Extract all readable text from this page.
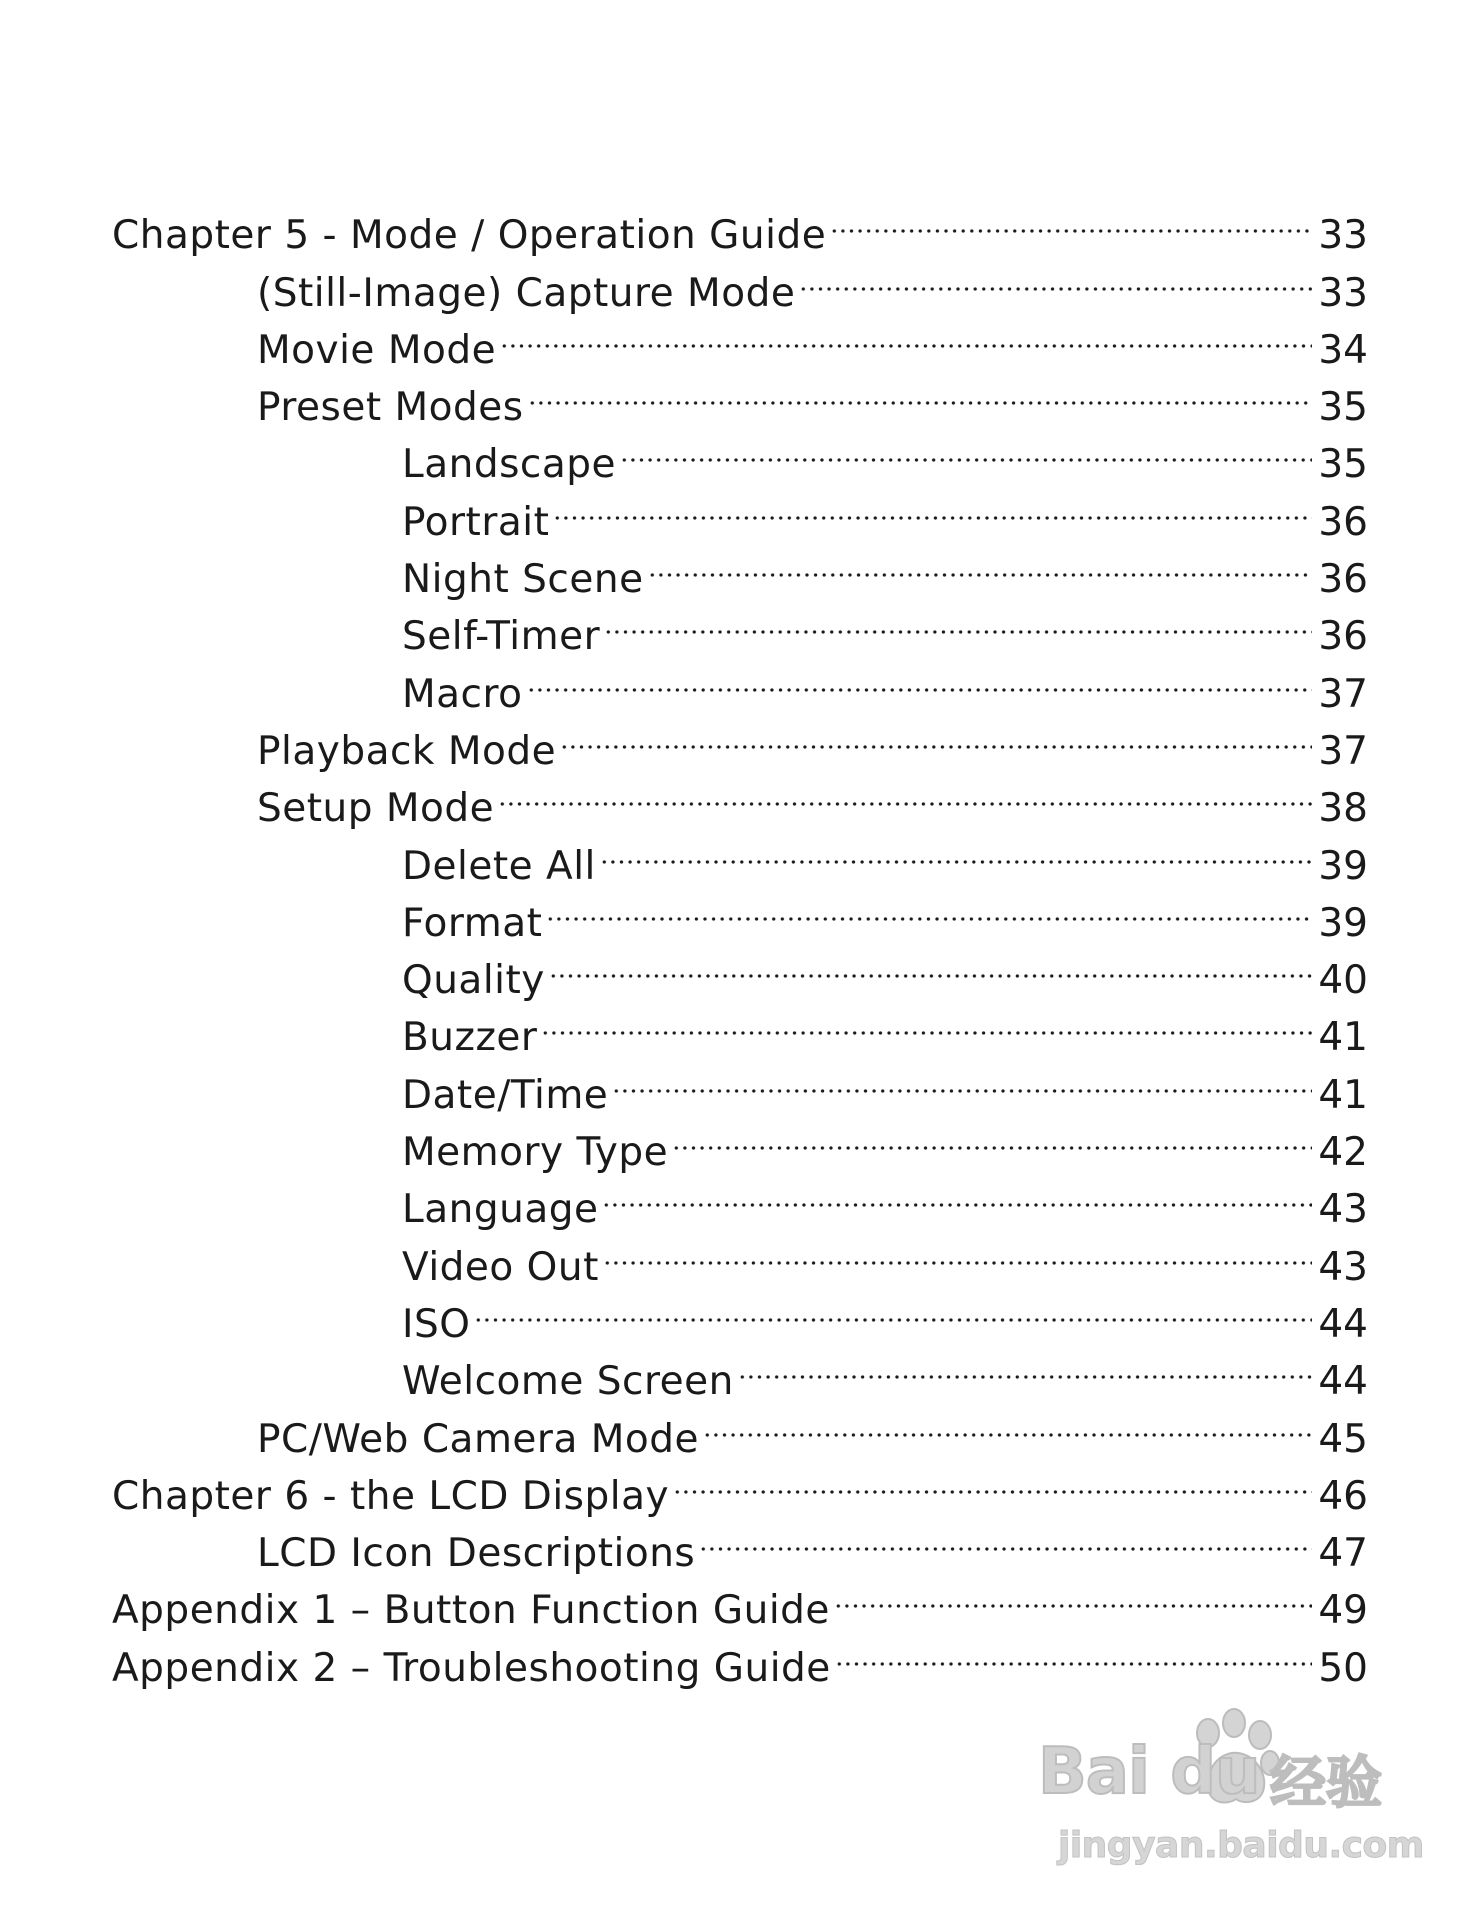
Chapter 5 - Mode / Operation Guide	33
(Still-Image) Capture Mode	33
Movie Mode	34
Preset Modes	35
Landscape	35
Portrait	36
Night Scene	36
Self-Timer	36
Macro	37
Playback Mode	37
Setup Mode	38
Delete All	39
Format	39
Quality	40
Buzzer	41
Date/Time	41
Memory Type	42
Language	43
Video Out	43
ISO	44
Welcome Screen	44
PC/Web Camera Mode	45
Chapter 6 - the LCD Display	46
LCD Icon Descriptions	47
Appendix 1 – Button Function Guide	49
Appendix 2 – Troubleshooting Guide	50
Bai du 经验
jingyan.baidu.com
